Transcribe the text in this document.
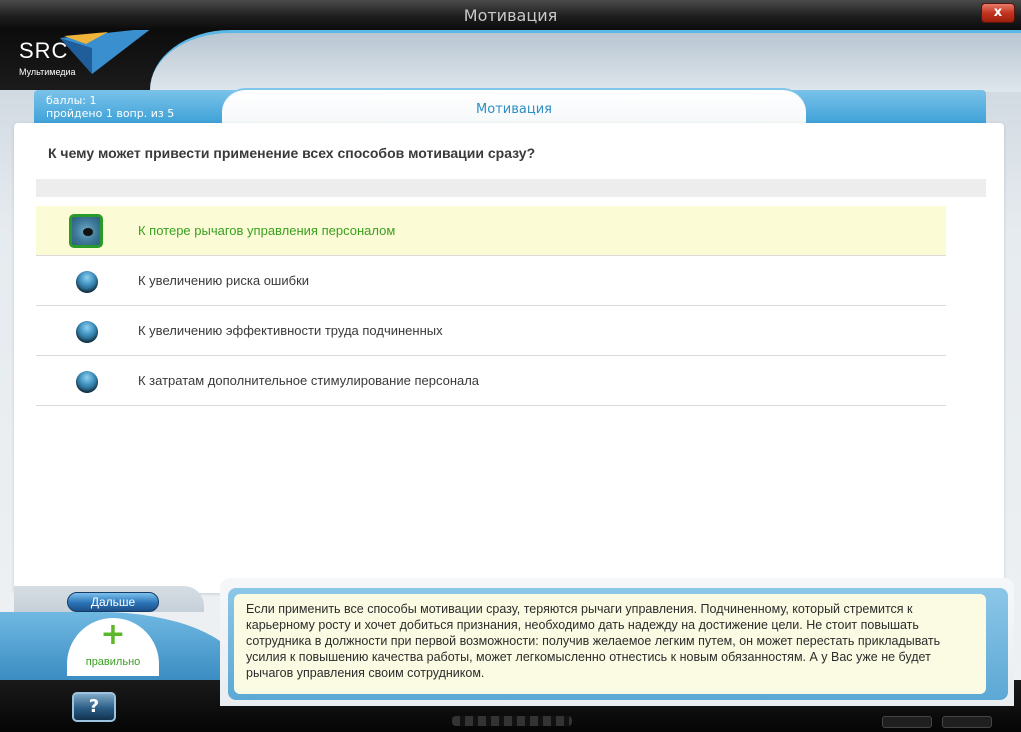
Мотивация	x
баллы: 1
пройдено 1 вопр. из 5	Мотивация
К чему может привести применение всех способов мотивации сразу?
К потере рычагов управления персоналом
К увеличению риска ошибки
К увеличению эффективности труда подчиненных
К затратам дополнительное стимулирование персонала
SRC
Мультимедиа
Дальше
+
правильно
?
Если применить все способы мотивации сразу, теряются рычаги управления. Подчиненному, который стремится к карьерному росту и хочет добиться признания, необходимо дать надежду на достижение цели. Не стоит повышать сотрудника в должности при первой возможности: получив желаемое легким путем, он может перестать прикладывать усилия к повышению качества работы, может легкомысленно отнестись к новым обязанностям. А у Вас уже не будет рычагов управления своим сотрудником.
